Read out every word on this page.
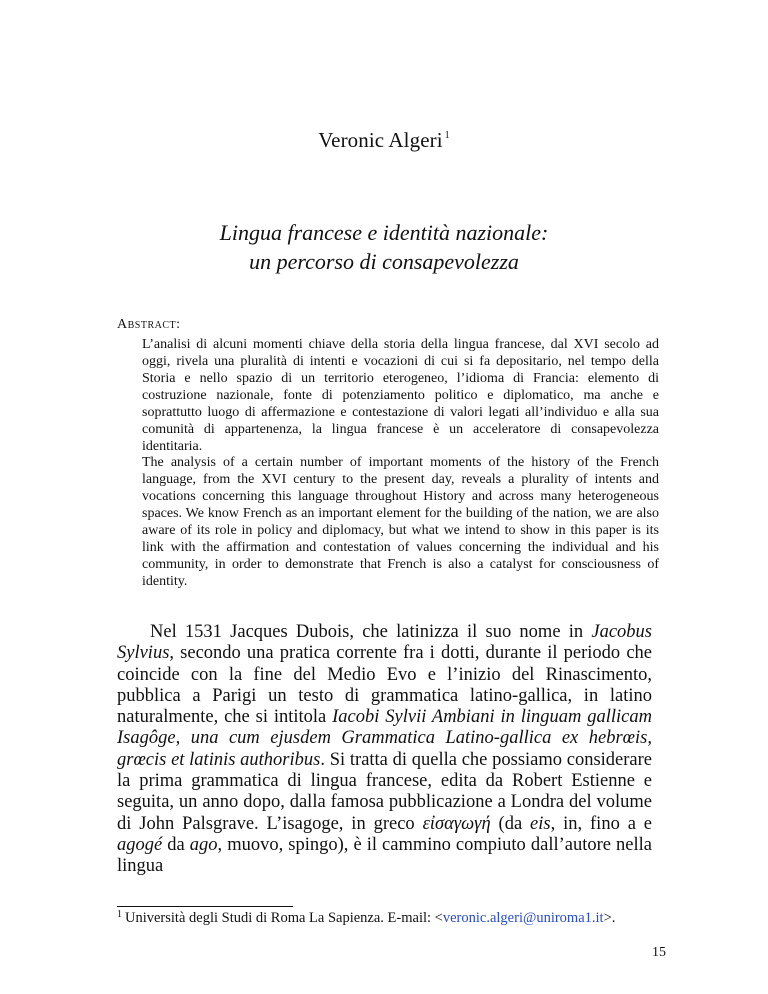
Veronic Algeri $^1$
Lingua francese e identità nazionale:
un percorso di consapevolezza
Abstract:
L’analisi di alcuni momenti chiave della storia della lingua francese, dal XVI secolo ad oggi, rivela una pluralità di intenti e vocazioni di cui si fa depositario, nel tempo della Storia e nello spazio di un territorio eterogeneo, l’idioma di Francia: elemento di costruzione nazionale, fonte di potenziamento politico e diplomatico, ma anche e soprattutto luogo di affermazione e contestazione di valori legati all’individuo e alla sua comunità di appartenenza, la lingua francese è un acceleratore di consapevolezza identitaria.
The analysis of a certain number of important moments of the history of the French language, from the XVI century to the present day, reveals a plurality of intents and vocations concerning this language throughout History and across many heterogeneous spaces. We know French as an important element for the building of the nation, we are also aware of its role in policy and diplomacy, but what we intend to show in this paper is its link with the affirmation and contestation of values concerning the individual and his community, in order to demonstrate that French is also a catalyst for consciousness of identity.

Nel 1531 Jacques Dubois, che latinizza il suo nome in Jacobus Sylvius, secondo una pratica corrente fra i dotti, durante il periodo che coincide con la fine del Medio Evo e l’inizio del Rinascimento, pubblica a Parigi un testo di grammatica latino-gallica, in latino naturalmente, che si intitola Iacobi Sylvii Ambiani in linguam gallicam Isagôge, una cum ejusdem Grammatica Latino-gallica ex hebrœis, grœcis et latinis authoribus. Si tratta di quella che possiamo considerare la prima grammatica di lingua francese, edita da Robert Estienne e seguita, un anno dopo, dalla famosa pubblicazione a Londra del volume di John Palsgrave. L’isagoge, in greco εἰσαγωγή (da eis, in, fino a e agogé da ago, muovo, spingo), è il cammino compiuto dall’autore nella lingua

$^1$ Università degli Studi di Roma La Sapienza. E-mail: <veronic.algeri@uniroma1.it>.
15
